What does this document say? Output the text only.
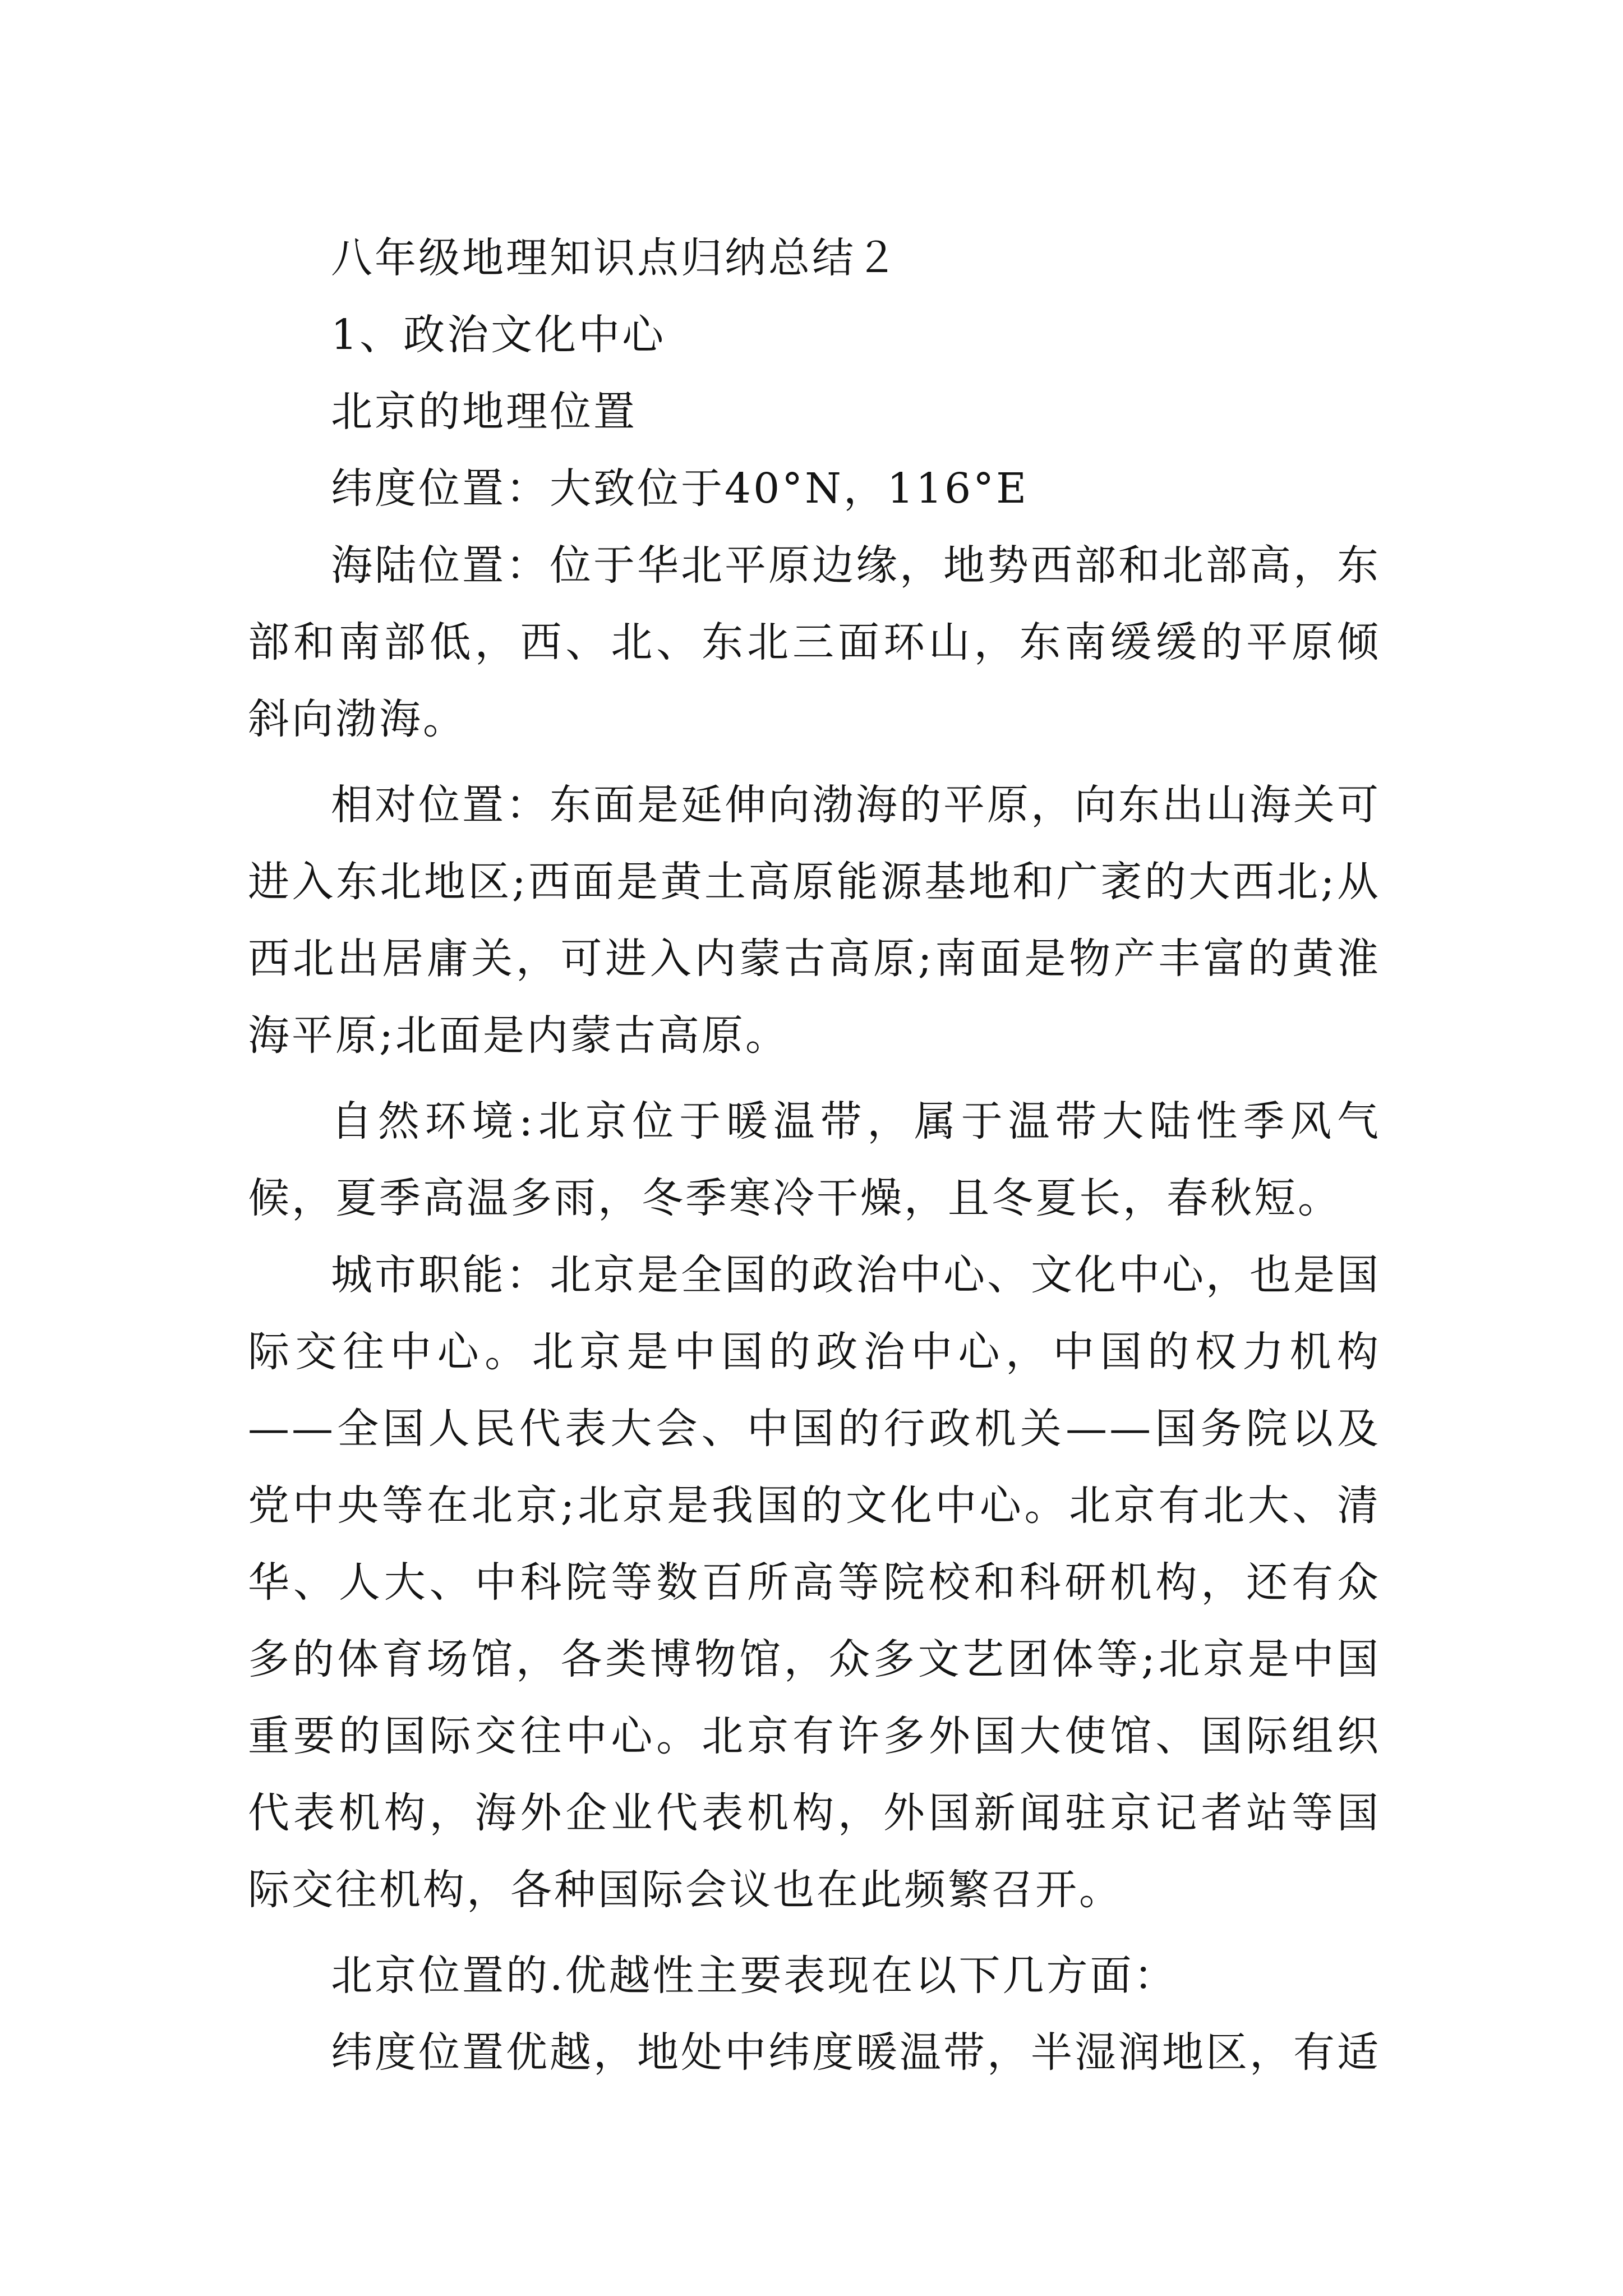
八年级地理知识点归纳总结２

1、政治文化中心

北京的地理位置

纬度位置：大致位于40°N，116°E

海陆位置：位于华北平原边缘，地势西部和北部高，东部和南部低，西、北、东北三面环山，东南缓缓的平原倾斜向渤海。

相对位置：东面是延伸向渤海的平原，向东出山海关可进入东北地区;西面是黄土高原能源基地和广袤的大西北;从西北出居庸关，可进入内蒙古高原;南面是物产丰富的黄淮海平原;北面是内蒙古高原。

自然环境:北京位于暖温带，属于温带大陆性季风气候，夏季高温多雨，冬季寒冷干燥，且冬夏长，春秋短。

城市职能：北京是全国的政治中心、文化中心，也是国际交往中心。北京是中国的政治中心，中国的权力机构——全国人民代表大会、中国的行政机关——国务院以及党中央等在北京;北京是我国的文化中心。北京有北大、清华、人大、中科院等数百所高等院校和科研机构，还有众多的体育场馆，各类博物馆，众多文艺团体等;北京是中国重要的国际交往中心。北京有许多外国大使馆、国际组织代表机构，海外企业代表机构，外国新闻驻京记者站等国际交往机构，各种国际会议也在此频繁召开。

北京位置的.优越性主要表现在以下几方面：

纬度位置优越，地处中纬度暖温带，半湿润地区，有适
